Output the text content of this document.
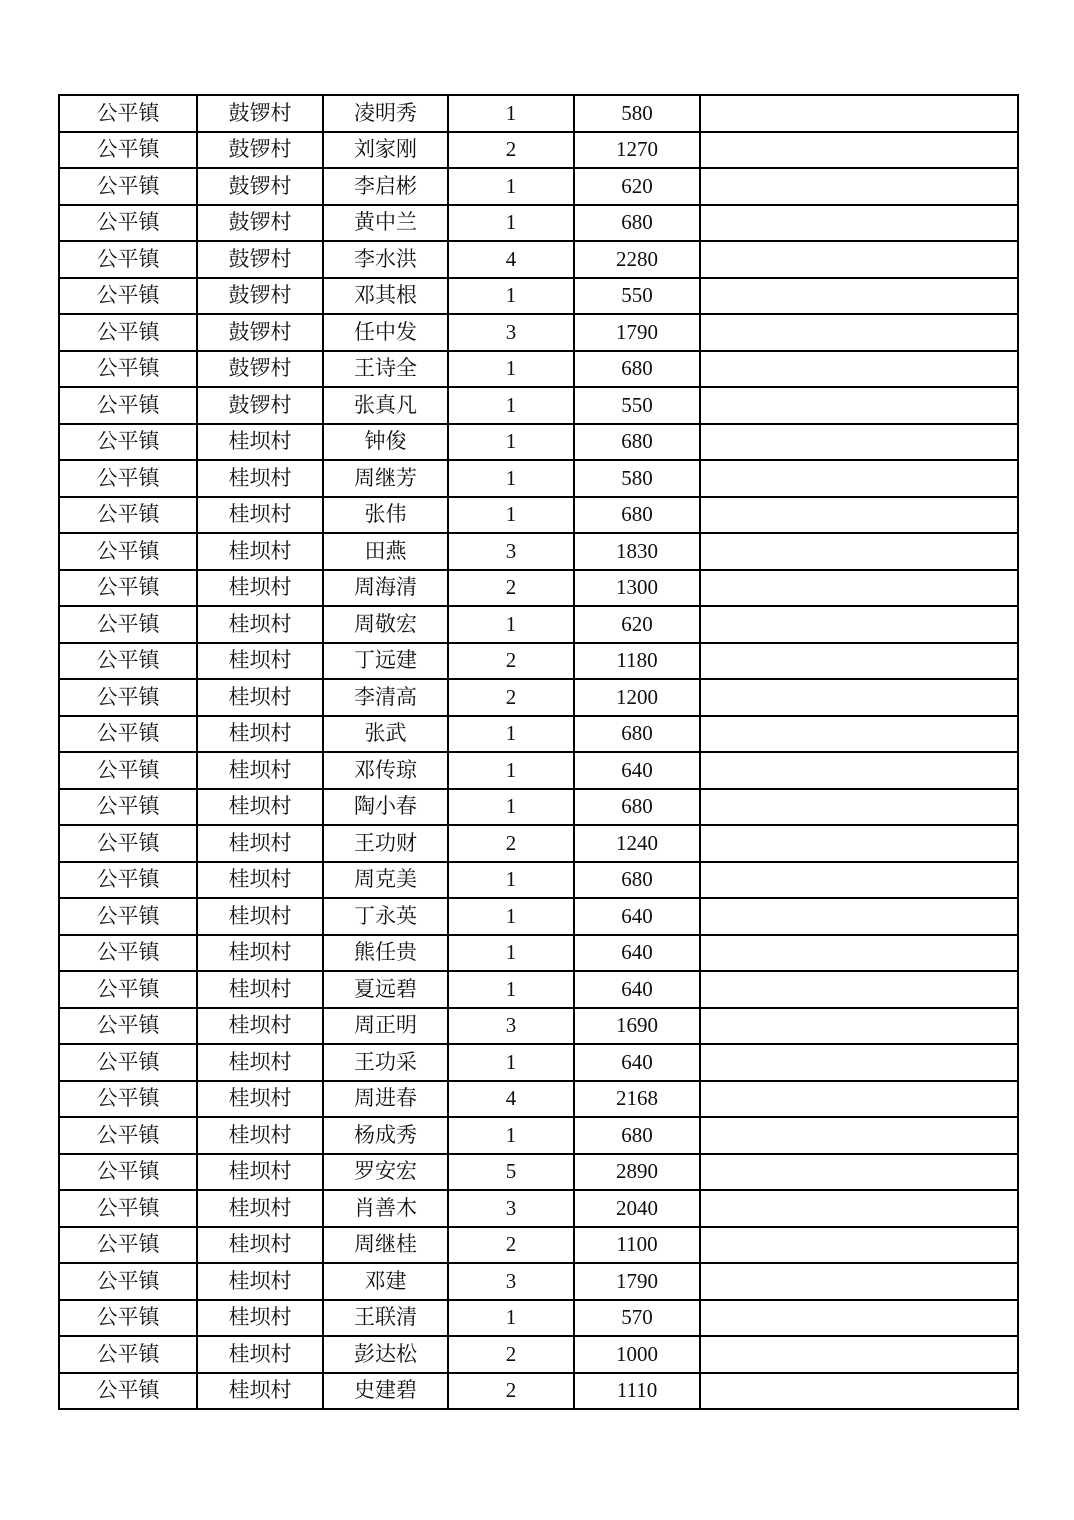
公平镇	鼓锣村	凌明秀	1	580	
公平镇	鼓锣村	刘家刚	2	1270	
公平镇	鼓锣村	李启彬	1	620	
公平镇	鼓锣村	黄中兰	1	680	
公平镇	鼓锣村	李水洪	4	2280	
公平镇	鼓锣村	邓其根	1	550	
公平镇	鼓锣村	任中发	3	1790	
公平镇	鼓锣村	王诗全	1	680	
公平镇	鼓锣村	张真凡	1	550	
公平镇	桂坝村	钟俊	1	680	
公平镇	桂坝村	周继芳	1	580	
公平镇	桂坝村	张伟	1	680	
公平镇	桂坝村	田燕	3	1830	
公平镇	桂坝村	周海清	2	1300	
公平镇	桂坝村	周敬宏	1	620	
公平镇	桂坝村	丁远建	2	1180	
公平镇	桂坝村	李清高	2	1200	
公平镇	桂坝村	张武	1	680	
公平镇	桂坝村	邓传琼	1	640	
公平镇	桂坝村	陶小春	1	680	
公平镇	桂坝村	王功财	2	1240	
公平镇	桂坝村	周克美	1	680	
公平镇	桂坝村	丁永英	1	640	
公平镇	桂坝村	熊任贵	1	640	
公平镇	桂坝村	夏远碧	1	640	
公平镇	桂坝村	周正明	3	1690	
公平镇	桂坝村	王功采	1	640	
公平镇	桂坝村	周进春	4	2168	
公平镇	桂坝村	杨成秀	1	680	
公平镇	桂坝村	罗安宏	5	2890	
公平镇	桂坝村	肖善木	3	2040	
公平镇	桂坝村	周继桂	2	1100	
公平镇	桂坝村	邓建	3	1790	
公平镇	桂坝村	王联清	1	570	
公平镇	桂坝村	彭达松	2	1000	
公平镇	桂坝村	史建碧	2	1110	
